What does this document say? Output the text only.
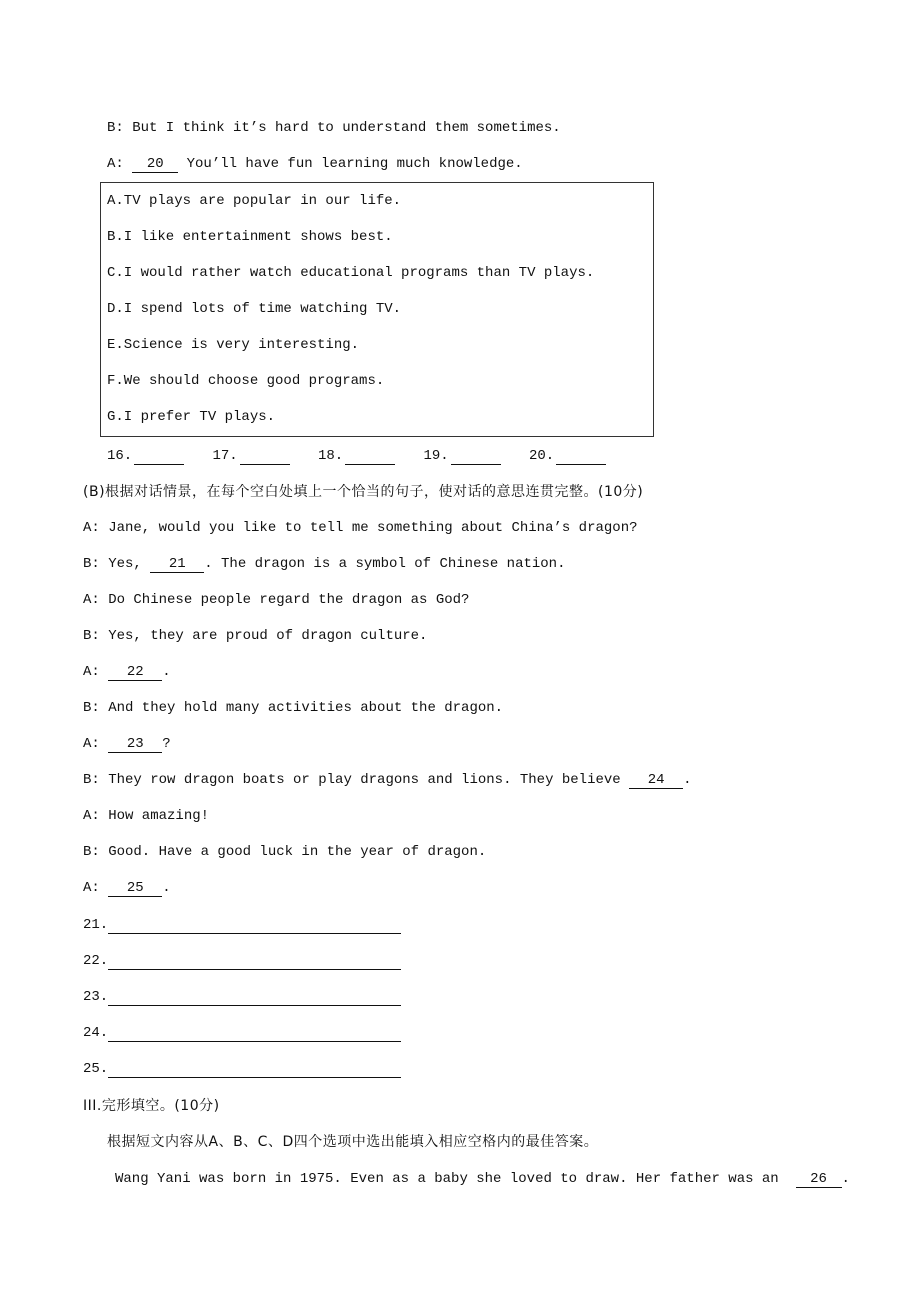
B: But I think it’s hard to understand them sometimes.
A: 20 You’ll have fun learning much knowledge.
(B)根据对话情景，在每个空白处填上一个恰当的句子，使对话的意思连贯完整。(10分)
III.完形填空。(10分)
根据短文内容从A、B、C、D四个选项中选出能填入相应空格内的最佳答案。
Wang Yani was born in 1975. Even as a baby she loved to draw. Her father was an  26 .
A.TV plays are popular in our life.
B.I like entertainment shows best.
C.I would rather watch educational programs than TV plays.
D.I spend lots of time watching TV.
E.Science is very interesting.
F.We should choose good programs.
G.I prefer TV plays.
16.	17.	18.	19.	20.
A: Jane, would you like to tell me something about China’s dragon?
B: Yes, 21 . The dragon is a symbol of Chinese nation.
A: Do Chinese people regard the dragon as God?
B: Yes, they are proud of dragon culture.
A: 22 .
B: And they hold many activities about the dragon.
A: 23 ?
B: They row dragon boats or play dragons and lions. They believe 24 .
A: How amazing!
B: Good. Have a good luck in the year of dragon.
A: 25 .
21.
22.
23.
24.
25.
